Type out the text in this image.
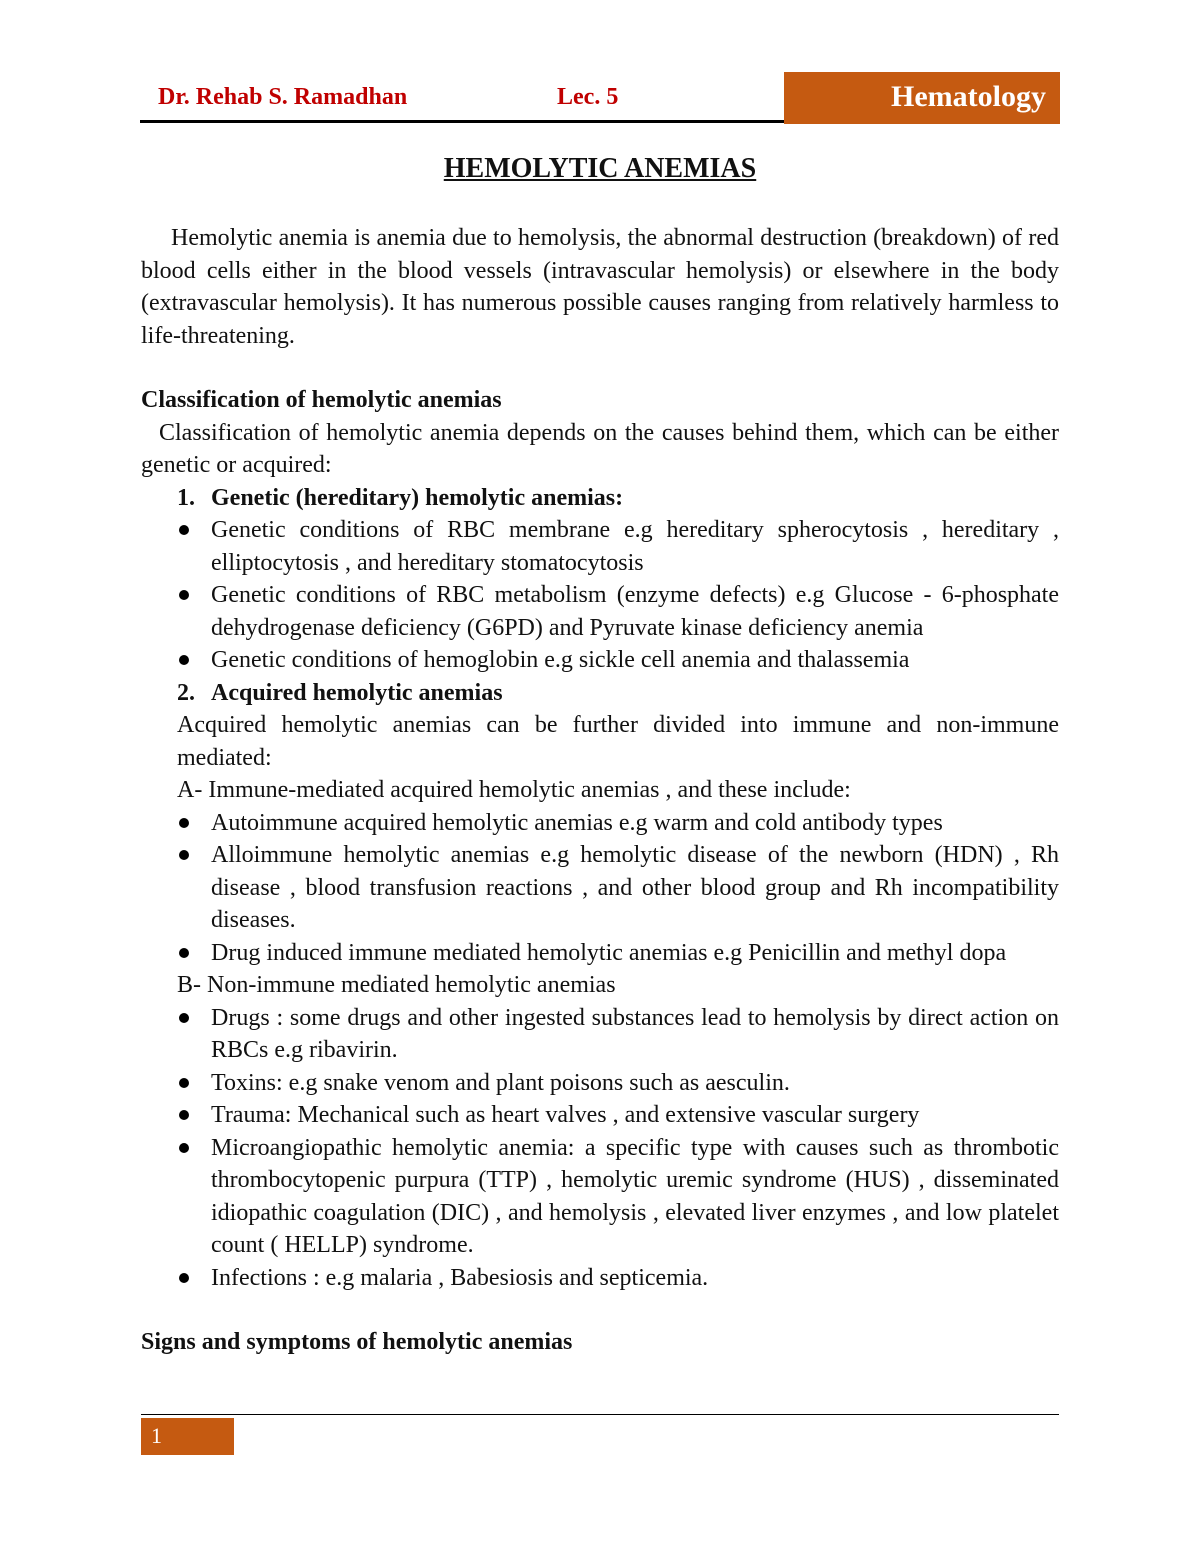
Dr. Rehab S. Ramadhan	Lec. 5	Hematology
HEMOLYTIC ANEMIAS

Hemolytic anemia is anemia due to hemolysis, the abnormal destruction (breakdown) of red blood cells either in the blood vessels (intravascular hemolysis) or elsewhere in the body (extravascular hemolysis). It has numerous possible causes ranging from relatively harmless to life-threatening.

Classification of hemolytic anemias

Classification of hemolytic anemia depends on the causes behind them, which can be either genetic or acquired:

1. Genetic (hereditary) hemolytic anemias:

Genetic conditions of RBC membrane e.g hereditary spherocytosis , hereditary , elliptocytosis , and hereditary stomatocytosis
Genetic conditions of RBC metabolism (enzyme defects) e.g Glucose - 6-phosphate dehydrogenase deficiency (G6PD) and Pyruvate kinase deficiency anemia
Genetic conditions of hemoglobin e.g sickle cell anemia and thalassemia

2. Acquired hemolytic anemias

Acquired hemolytic anemias can be further divided into immune and non-immune mediated:

A- Immune-mediated acquired hemolytic anemias , and these include:

Autoimmune acquired hemolytic anemias e.g warm and cold antibody types
Alloimmune hemolytic anemias e.g hemolytic disease of the newborn (HDN) , Rh disease , blood transfusion reactions , and other blood group and Rh incompatibility diseases.
Drug induced immune mediated hemolytic anemias e.g Penicillin and methyl dopa

B- Non-immune mediated hemolytic anemias

Drugs : some drugs and other ingested substances lead to hemolysis by direct action on RBCs e.g ribavirin.
Toxins: e.g snake venom and plant poisons such as aesculin.
Trauma: Mechanical such as heart valves , and extensive vascular surgery
Microangiopathic hemolytic anemia: a specific type with causes such as thrombotic thrombocytopenic purpura (TTP) , hemolytic uremic syndrome (HUS) , disseminated idiopathic coagulation (DIC) , and hemolysis , elevated liver enzymes , and low platelet count ( HELLP) syndrome.
Infections : e.g malaria , Babesiosis and septicemia.

Signs and symptoms of hemolytic anemias

1
